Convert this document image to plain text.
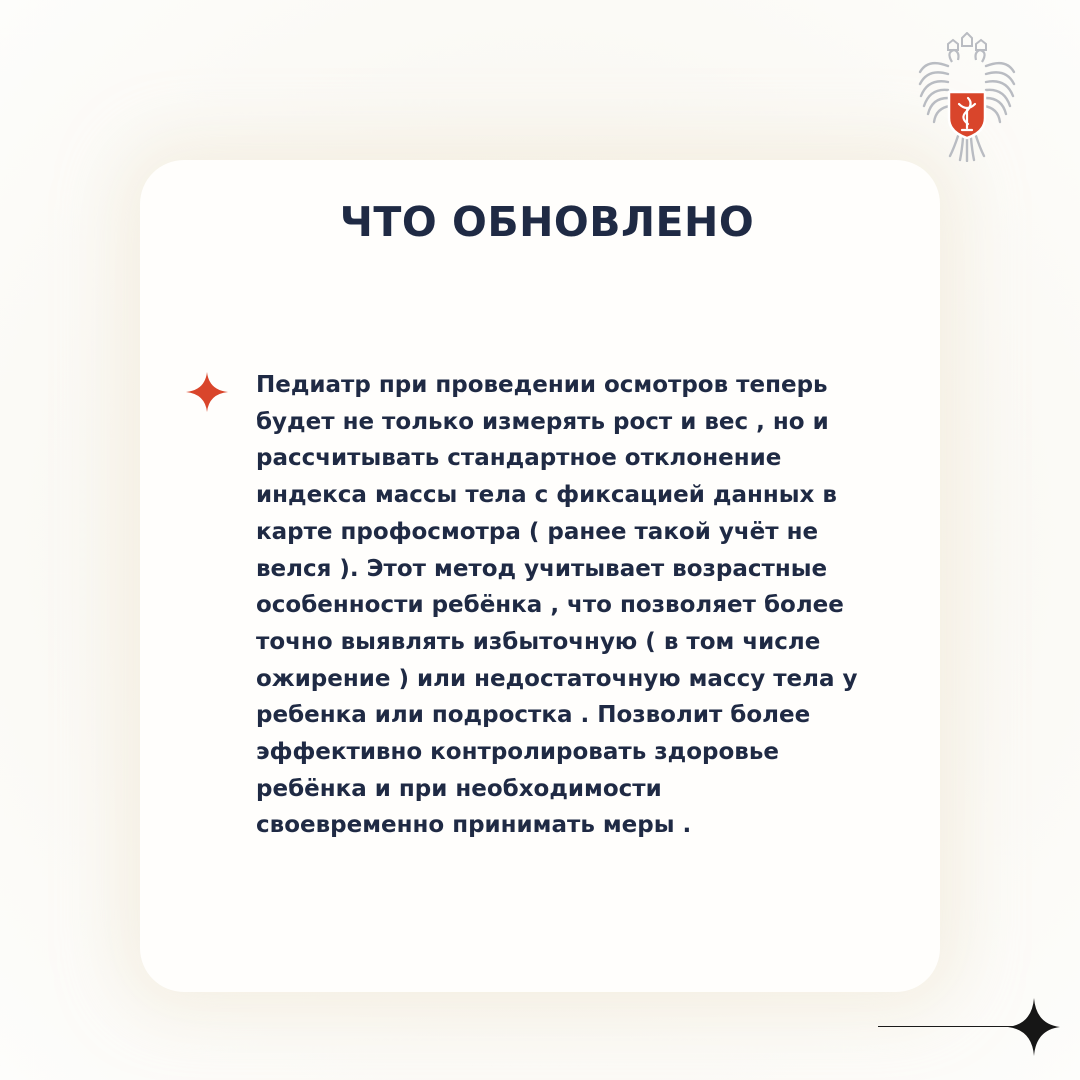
ЧТО ОБНОВЛЕНО

Педиатр при проведении осмотров теперь
будет не только измерять рост и вес , но и
рассчитывать стандартное отклонение
индекса массы тела с фиксацией данных в
карте профосмотра ( ранее такой учёт не
велся ). Этот метод учитывает возрастные
особенности ребёнка , что позволяет более
точно выявлять избыточную ( в том числе
ожирение ) или недостаточную массу тела у
ребенка или подростка . Позволит более
эффективно контролировать здоровье
ребёнка и при необходимости
своевременно принимать меры .
